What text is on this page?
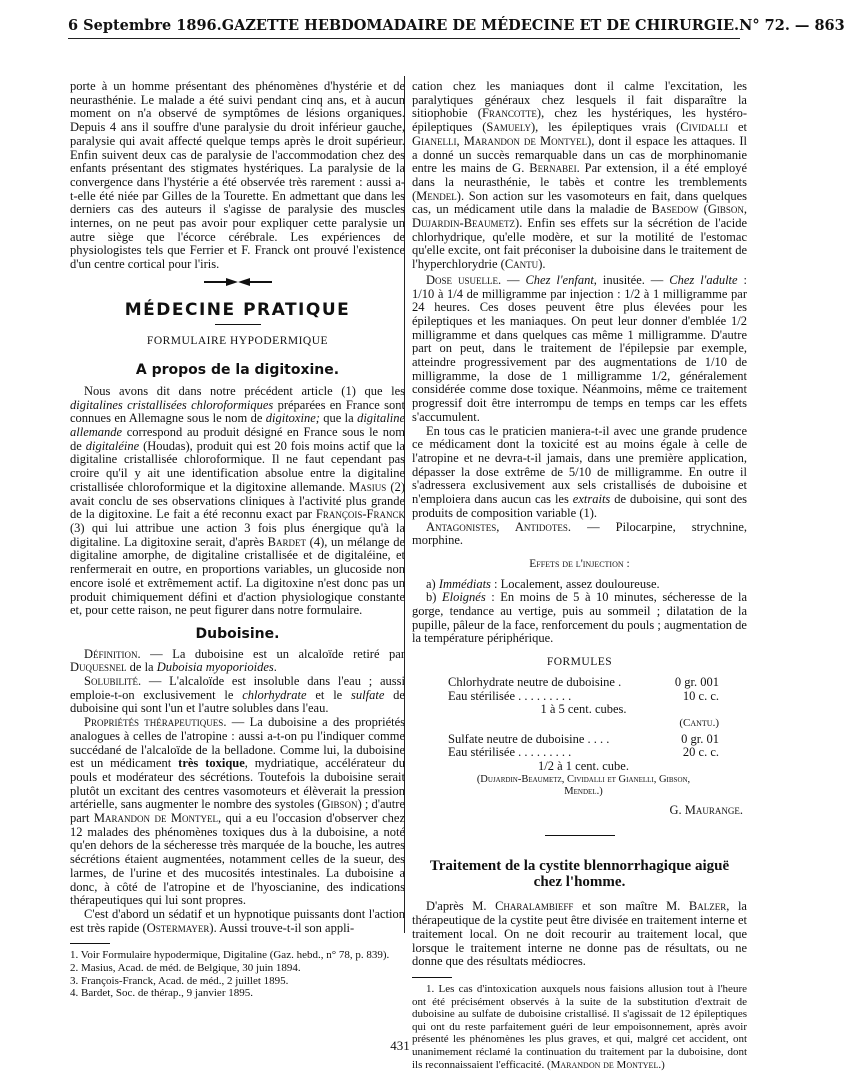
6 Septembre 1896. GAZETTE HEBDOMADAIRE DE MÉDECINE ET DE CHIRURGIE. N° 72. — 863

porte à un homme présentant des phénomènes d'hystérie et de neurasthénie. Le malade a été suivi pendant cinq ans, et à aucun moment on n'a observé de symptômes de lésions organiques. Depuis 4 ans il souffre d'une paralysie du droit inférieur gauche, paralysie qui avait affecté quelque temps après le droit supérieur. Enfin suivent deux cas de paralysie de l'accommodation chez des enfants présentant des stigmates hystériques. La paralysie de la convergence dans l'hystérie a été observée très rarement : aussi a-t-elle été niée par Gilles de la Tourette. En admettant que dans les derniers cas des auteurs il s'agisse de paralysie des muscles internes, on ne peut pas avoir pour expliquer cette paralysie un autre siège que l'écorce cérébrale. Les expériences de physiologistes tels que Ferrier et F. Franck ont prouvé l'existence d'un centre cortical pour l'iris.

MÉDECINE PRATIQUE

FORMULAIRE HYPODERMIQUE

A propos de la digitoxine.

Nous avons dit dans notre précédent article (1) que les digitalines cristallisées chloroformiques préparées en France sont connues en Allemagne sous le nom de digitoxine; que la digitaline allemande correspond au produit désigné en France sous le nom de digitaléine (Houdas), produit qui est 20 fois moins actif que la digitaline cristallisée chloroformique. Il ne faut cependant pas croire qu'il y ait une identification absolue entre la digitaline cristallisée chloroformique et la digitoxine allemande. Masius (2) avait conclu de ses observations cliniques à l'activité plus grande de la digitoxine. Le fait a été reconnu exact par François-Franck (3) qui lui attribue une action 3 fois plus énergique qu'à la digitaline. La digitoxine serait, d'après Bardet (4), un mélange de digitaline amorphe, de digitaline cristallisée et de digitaléine, et renfermerait en outre, en proportions variables, un glucoside non encore isolé et extrêmement actif. La digitoxine n'est donc pas un produit chimiquement défini et d'action physiologique constante et, pour cette raison, ne peut figurer dans notre formulaire.

Duboisine.

Définition. — La duboisine est un alcaloïde retiré par Duquesnel de la Duboisia myoporioides.

Solubilité. — L'alcaloïde est insoluble dans l'eau ; aussi emploie-t-on exclusivement le chlorhydrate et le sulfate de duboisine qui sont l'un et l'autre solubles dans l'eau.

Propriétés thérapeutiques. — La duboisine a des propriétés analogues à celles de l'atropine : aussi a-t-on pu l'indiquer comme succédané de l'alcaloïde de la belladone. Comme lui, la duboisine est un médicament très toxique, mydriatique, accélérateur du pouls et modérateur des sécrétions. Toutefois la duboisine serait plutôt un excitant des centres vasomoteurs et élèverait la pression artérielle, sans augmenter le nombre des systoles (Gibson) ; d'autre part Marandon de Montyel, qui a eu l'occasion d'observer chez 12 malades des phénomènes toxiques dus à la duboisine, a noté qu'en dehors de la sécheresse très marquée de la bouche, les autres sécrétions étaient augmentées, notamment celles de la sueur, des larmes, de l'urine et des mucosités intestinales. La duboisine a donc, à côté de l'atropine et de l'hyoscianine, des indications thérapeutiques qui lui sont propres.

C'est d'abord un sédatif et un hypnotique puissants dont l'action est très rapide (Ostermayer). Aussi trouve-t-il son appli-

1. Voir Formulaire hypodermique, Digitaline (Gaz. hebd., n° 78, p. 839).

2. Masius, Acad. de méd. de Belgique, 30 juin 1894.

3. François-Franck, Acad. de méd., 2 juillet 1895.

4. Bardet, Soc. de thérap., 9 janvier 1895.

cation chez les maniaques dont il calme l'excitation, les paralytiques généraux chez lesquels il fait disparaître la sitiophobie (Francotte), chez les hystériques, les hystéro-épileptiques (Samuely), les épileptiques vrais (Cividalli et Gianelli, Marandon de Montyel), dont il espace les attaques. Il a donné un succès remarquable dans un cas de morphinomanie entre les mains de G. Bernabei. Par extension, il a été employé dans la neurasthénie, le tabès et contre les tremblements (Mendel). Son action sur les vasomoteurs en fait, dans quelques cas, un médicament utile dans la maladie de Basedow (Gibson, Dujardin-Beaumetz). Enfin ses effets sur la sécrétion de l'acide chlorhydrique, qu'elle modère, et sur la motilité de l'estomac qu'elle excite, ont fait préconiser la duboisine dans le traitement de l'hyperchlorydrie (Cantu).

Dose usuelle. — Chez l'enfant, inusitée. — Chez l'adulte : 1/10 à 1/4 de milligramme par injection : 1/2 à 1 milligramme par 24 heures. Ces doses peuvent être plus élevées pour les épileptiques et les maniaques. On peut leur donner d'emblée 1/2 milligramme et dans quelques cas même 1 milligramme. D'autre part on peut, dans le traitement de l'épilepsie par exemple, atteindre progressivement par des augmentations de 1/10 de milligramme, la dose de 1 milligramme 1/2, généralement considérée comme dose toxique. Néanmoins, même ce traitement progressif doit être interrompu de temps en temps car les effets s'accumulent.

En tous cas le praticien maniera-t-il avec une grande prudence ce médicament dont la toxicité est au moins égale à celle de l'atropine et ne devra-t-il jamais, dans une première application, dépasser la dose extrême de 5/10 de milligramme. En outre il s'adressera exclusivement aux sels cristallisés de duboisine et n'emploiera dans aucun cas les extraits de duboisine, qui sont des produits de composition variable (1).

Antagonistes, Antidotes. — Pilocarpine, strychnine, morphine.

Effets de l'injection :

a) Immédiats : Localement, assez douloureuse.

b) Eloignés : En moins de 5 à 10 minutes, sécheresse de la gorge, tendance au vertige, puis au sommeil ; dilatation de la pupille, pâleur de la face, renforcement du pouls ; augmentation de la température périphérique.

FORMULES

Chlorhydrate neutre de duboisine .	0 gr. 001
Eau stérilisée . . . . . . . . .	10 c. c.

1 à 5 cent. cubes.

(Cantu.)

Sulfate neutre de duboisine . . . .	0 gr. 01
Eau stérilisée . . . . . . . . .	20 c. c.

1/2 à 1 cent. cube.

(Dujardin-Beaumetz, Cividalli et Gianelli, Gibson, Mendel.)

G. Maurange.

Traitement de la cystite blennorrhagique aiguë chez l'homme.

D'après M. Charalambieff et son maître M. Balzer, la thérapeutique de la cystite peut être divisée en traitement interne et traitement local. On ne doit recourir au traitement local, que lorsque le traitement interne ne donne pas de résultats, ou ne donne que des résultats médiocres.

1. Les cas d'intoxication auxquels nous faisions allusion tout à l'heure ont été précisément observés à la suite de la substitution d'extrait de duboisine au sulfate de duboisine cristallisé. Il s'agissait de 12 épileptiques qui ont du reste parfaitement guéri de leur empoisonnement, après avoir présenté les phénomènes les plus graves, et qui, malgré cet accident, ont unanimement réclamé la continuation du traitement par la duboisine, dont ils reconnaissaient l'efficacité. (Marandon de Montyel.)

431
